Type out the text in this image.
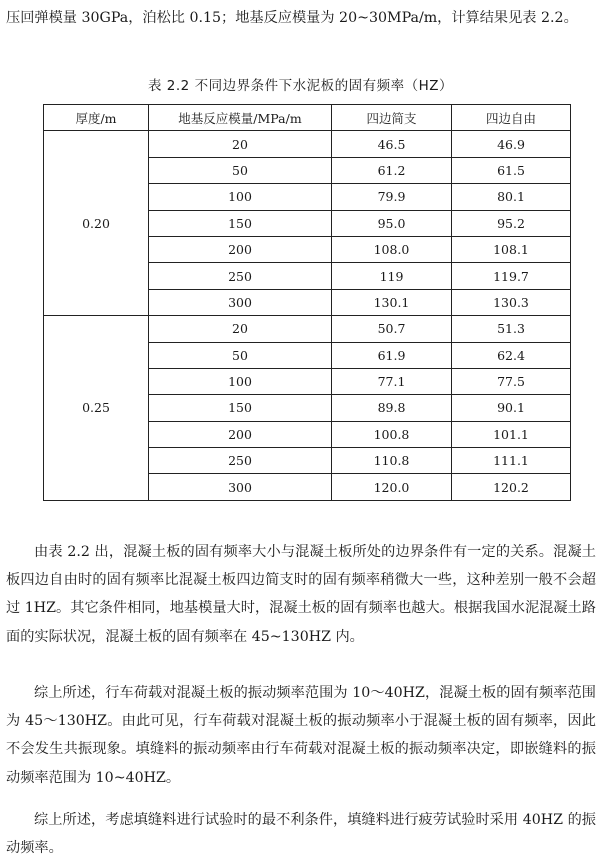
压回弹模量 30GPa，泊松比 0.15；地基反应模量为 20~30MPa/m，计算结果见表 2.2。

表 2.2 不同边界条件下水泥板的固有频率（HZ）

厚度/m	地基反应模量/MPa/m	四边简支	四边自由
0.20	20	46.5	46.9
	50	61.2	61.5
	100	79.9	80.1
	150	95.0	95.2
	200	108.0	108.1
	250	119	119.7
	300	130.1	130.3
0.25	20	50.7	51.3
	50	61.9	62.4
	100	77.1	77.5
	150	89.8	90.1
	200	100.8	101.1
	250	110.8	111.1
	300	120.0	120.2

由表 2.2 出，混凝土板的固有频率大小与混凝土板所处的边界条件有一定的关系。混凝土板四边自由时的固有频率比混凝土板四边简支时的固有频率稍微大一些，这种差别一般不会超过 1HZ。其它条件相同，地基模量大时，混凝土板的固有频率也越大。根据我国水泥混凝土路面的实际状况，混凝土板的固有频率在 45~130HZ 内。

综上所述，行车荷载对混凝土板的振动频率范围为 10～40HZ，混凝土板的固有频率范围为 45～130HZ。由此可见，行车荷载对混凝土板的振动频率小于混凝土板的固有频率，因此不会发生共振现象。填缝料的振动频率由行车荷载对混凝土板的振动频率决定，即嵌缝料的振动频率范围为 10~40HZ。

综上所述，考虑填缝料进行试验时的最不利条件，填缝料进行疲劳试验时采用 40HZ 的振动频率。
